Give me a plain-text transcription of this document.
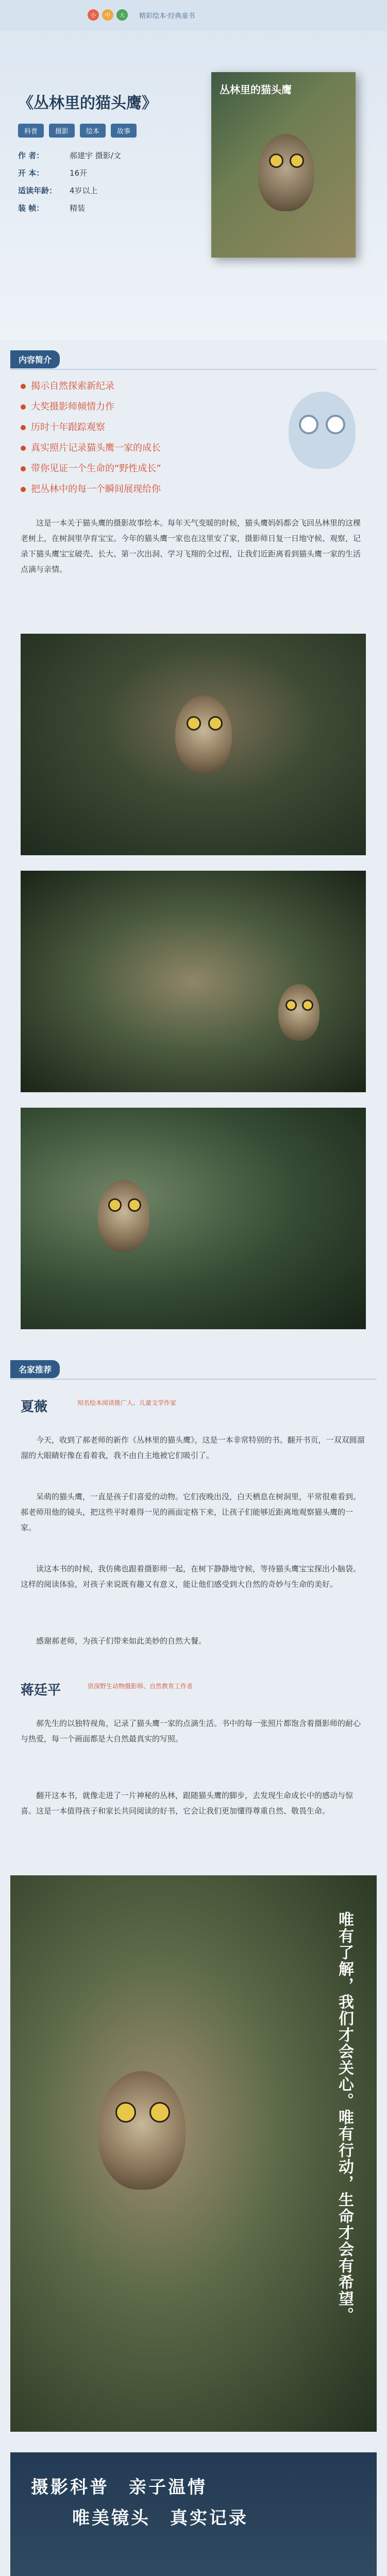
小	中	大	精彩绘本·经典童书
《丛林里的猫头鹰》
科普	摄影	绘本	故事
作 者：	郝建宇 摄影/文
开 本：	16开
适读年龄：	4岁以上
装 帧：	精装
丛林里的猫头鹰
内容简介
揭示自然探索新纪录
大奖摄影师倾情力作
历时十年跟踪观察
真实照片记录猫头鹰一家的成长
带你见证一个生命的“野性成长”
把丛林中的每一个瞬间展现给你
这是一本关于猫头鹰的摄影故事绘本。每年天气变暖的时候，猫头鹰妈妈都会飞回丛林里的这棵老树上，在树洞里孕育宝宝。今年的猫头鹰一家也在这里安了家，摄影师日复一日地守候、观察，记录下猫头鹰宝宝破壳、长大、第一次出洞、学习飞翔的全过程，让我们近距离看到猫头鹰一家的生活点滴与亲情。
名家推荐
夏薇	知名绘本阅读推广人、儿童文学作家
今天，收到了郝老师的新作《丛林里的猫头鹰》，这是一本非常特别的书。翻开书页，一双双圆溜溜的大眼睛好像在看着我，我不由自主地被它们吸引了。
呆萌的猫头鹰，一直是孩子们喜爱的动物。它们夜晚出没，白天栖息在树洞里，平常很难看到。郝老师用他的镜头，把这些平时难得一见的画面定格下来，让孩子们能够近距离地观察猫头鹰的一家。
读这本书的时候，我仿佛也跟着摄影师一起，在树下静静地守候，等待猫头鹰宝宝探出小脑袋。这样的阅读体验，对孩子来说既有趣又有意义，能让他们感受到大自然的奇妙与生命的美好。
感谢郝老师，为孩子们带来如此美妙的自然大餐。
蒋廷平	资深野生动物摄影师、自然教育工作者
郝先生的以独特视角，记录了猫头鹰一家的点滴生活。书中的每一张照片都饱含着摄影师的耐心与热爱，每一个画面都是大自然最真实的写照。
翻开这本书，就像走进了一片神秘的丛林，跟随猫头鹰的脚步，去发现生命成长中的感动与惊喜。这是一本值得孩子和家长共同阅读的好书，它会让我们更加懂得尊重自然、敬畏生命。
唯有了解，我们才会关心。唯有行动，生命才会有希望。
摄影科普　亲子温情
唯美镜头　真实记录
